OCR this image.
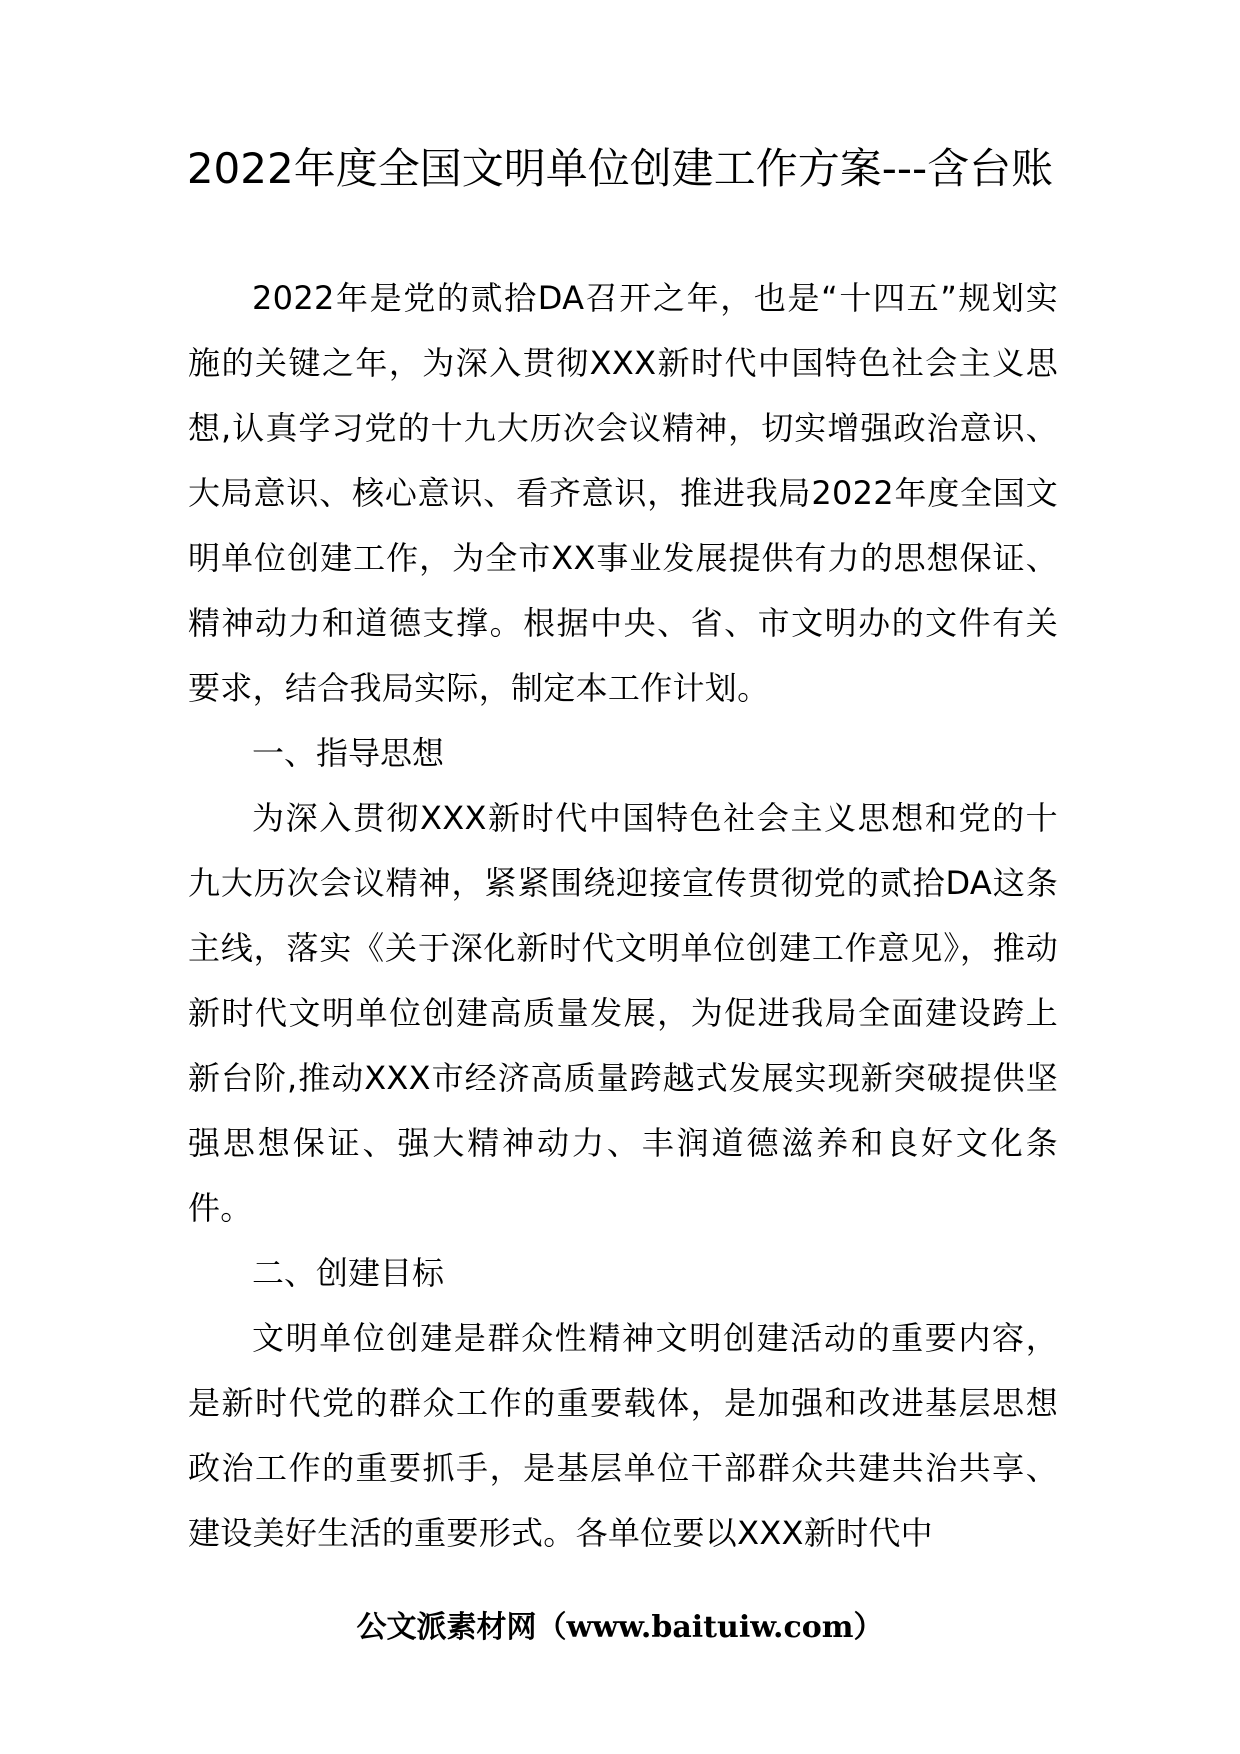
2022年度全国文明单位创建工作方案---含台账

2022年是党的贰拾DA召开之年，也是“十四五”规划实施的关键之年，为深入贯彻XXX新时代中国特色社会主义思想,认真学习党的十九大历次会议精神，切实增强政治意识、大局意识、核心意识、看齐意识，推进我局2022年度全国文明单位创建工作，为全市XX事业发展提供有力的思想保证、精神动力和道德支撑。根据中央、省、市文明办的文件有关要求，结合我局实际，制定本工作计划。

一、指导思想

为深入贯彻XXX新时代中国特色社会主义思想和党的十九大历次会议精神，紧紧围绕迎接宣传贯彻党的贰拾DA这条主线，落实《关于深化新时代文明单位创建工作意见》，推动新时代文明单位创建高质量发展，为促进我局全面建设跨上新台阶,推动XXX市经济高质量跨越式发展实现新突破提供坚强思想保证、强大精神动力、丰润道德滋养和良好文化条件。

二、创建目标

文明单位创建是群众性精神文明创建活动的重要内容，是新时代党的群众工作的重要载体，是加强和改进基层思想政治工作的重要抓手，是基层单位干部群众共建共治共享、建设美好生活的重要形式。各单位要以XXX新时代中

公文派素材网（www.baituiw.com）
